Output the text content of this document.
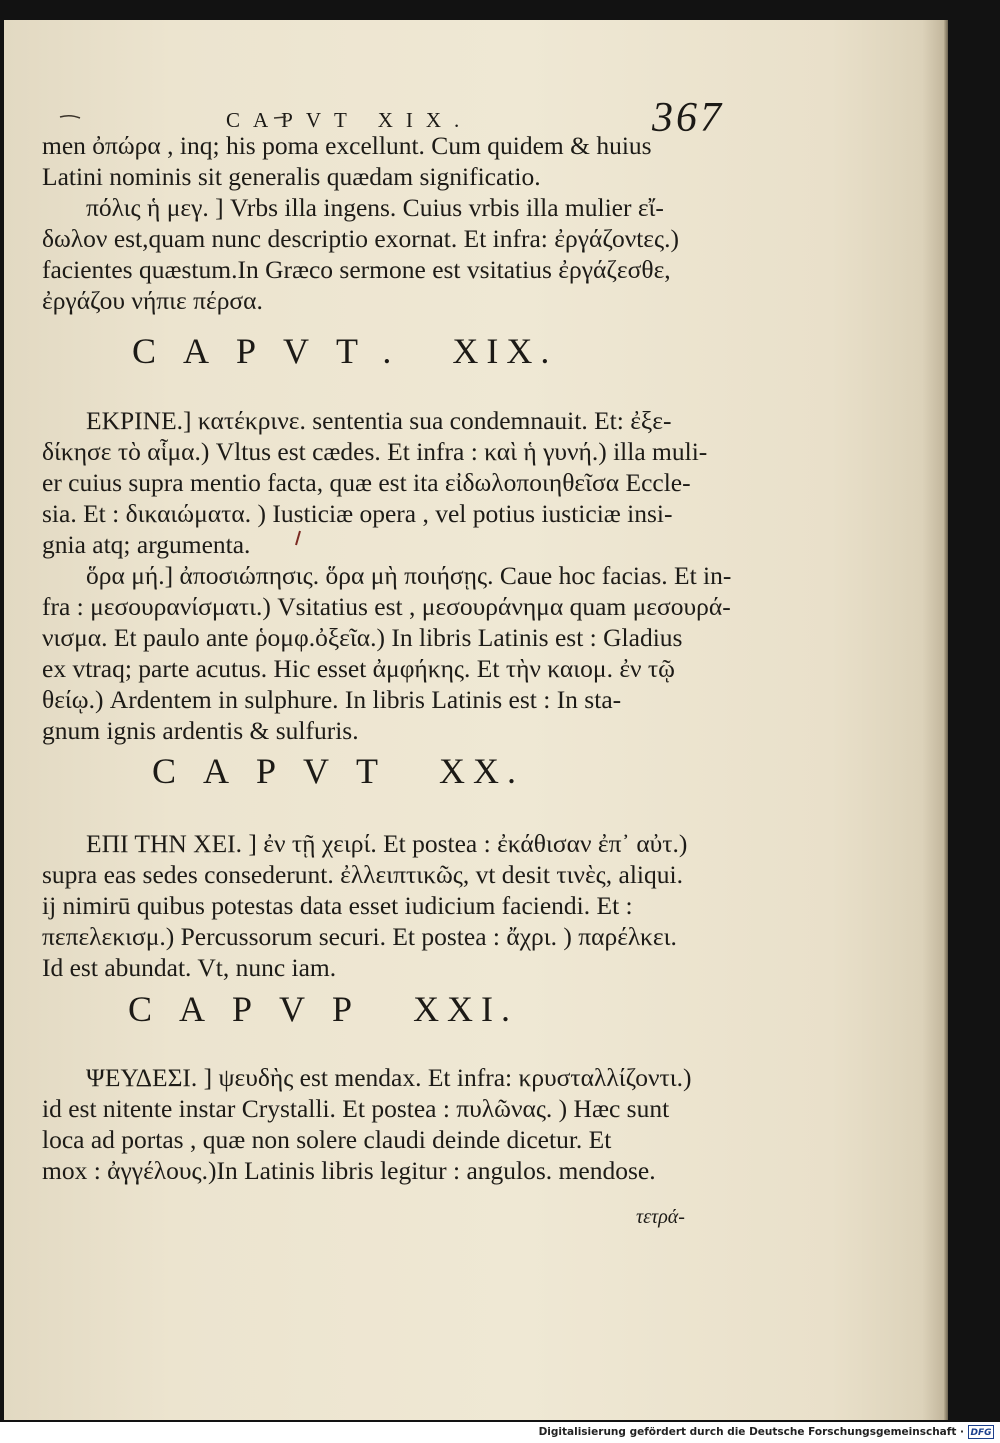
CAPVT XIX.	367
men ὀπώρα , inq; his poma excellunt. Cum quidem & huius
Latini nominis sit generalis quædam significatio.
πόλις ἡ μεγ. ] Vrbs illa ingens. Cuius vrbis illa mulier εἴ-
δωλον est,quam nunc descriptio exornat. Et infra: ἐργάζονtες.)
facientes quæstum.In Græco sermone est vsitatius ἐργάζεσθε,
ἐργάζου νήπιε πέρσα.
CAPVT. XIX.
ΕΚΡΙΝΕ.] κατέκρινε. sententia sua condemnauit. Et: ἐξε-
δίκησε τὸ αἷμα.) Vltus est cædes. Et infra : καὶ ἡ γυνή.) illa muli-
er cuius supra mentio facta, quæ est ita εἰδωλοποιηθεῖσα Eccle-
sia. Et : δικαιώματα. ) Iusticiæ opera , vel potius iusticiæ insi-
gnia atq; argumenta.
ὅρα μή.] ἀποσιώπησις. ὅρα μὴ ποιήσῃς. Caue hoc facias. Et in-
fra : μεσουρανίσματι.) Vsitatius est , μεσουράνημα quam μεσουρά-
νισμα. Et paulo ante ῥομφ.ὀξεῖα.) In libris Latinis est : Gladius
ex vtraq; parte acutus. Hic esset ἀμφήκης. Et τὴν καιομ. ἐν τῷ
θείῳ.) Ardentem in sulphure. In libris Latinis est : In sta-
gnum ignis ardentis & sulfuris.
CAPVT XX.
ΕΠΙ ΤΗΝ ΧΕΙ. ] ἐν τῇ χειρί. Et postea : ἐκάθισαν ἐπ᾽ αὐτ.)
supra eas sedes consederunt. ἐλλειπτικῶς, vt desit τινὲς, aliqui.
ij nimirū quibus potestas data esset iudicium faciendi. Et :
πεπελεκισμ.) Percussorum securi. Et postea : ἄχρι. ) παρέλκει.
Id est abundat. Vt, nunc iam.
CAPVP XXI.
ΨΕΥΔΕΣΙ. ] ψευδὴς est mendax. Et infra: κρυσταλλίζοντι.)
id est nitente instar Crystalli. Et postea : πυλῶνας. ) Hæc sunt
loca ad portas , quæ non solere claudi deinde dicetur. Et
mox : ἀγγέλους.)In Latinis libris legitur : angulos. mendose.
τετρά-
Digitalisierung gefördert durch die Deutsche Forschungsgemeinschaft · DFG
